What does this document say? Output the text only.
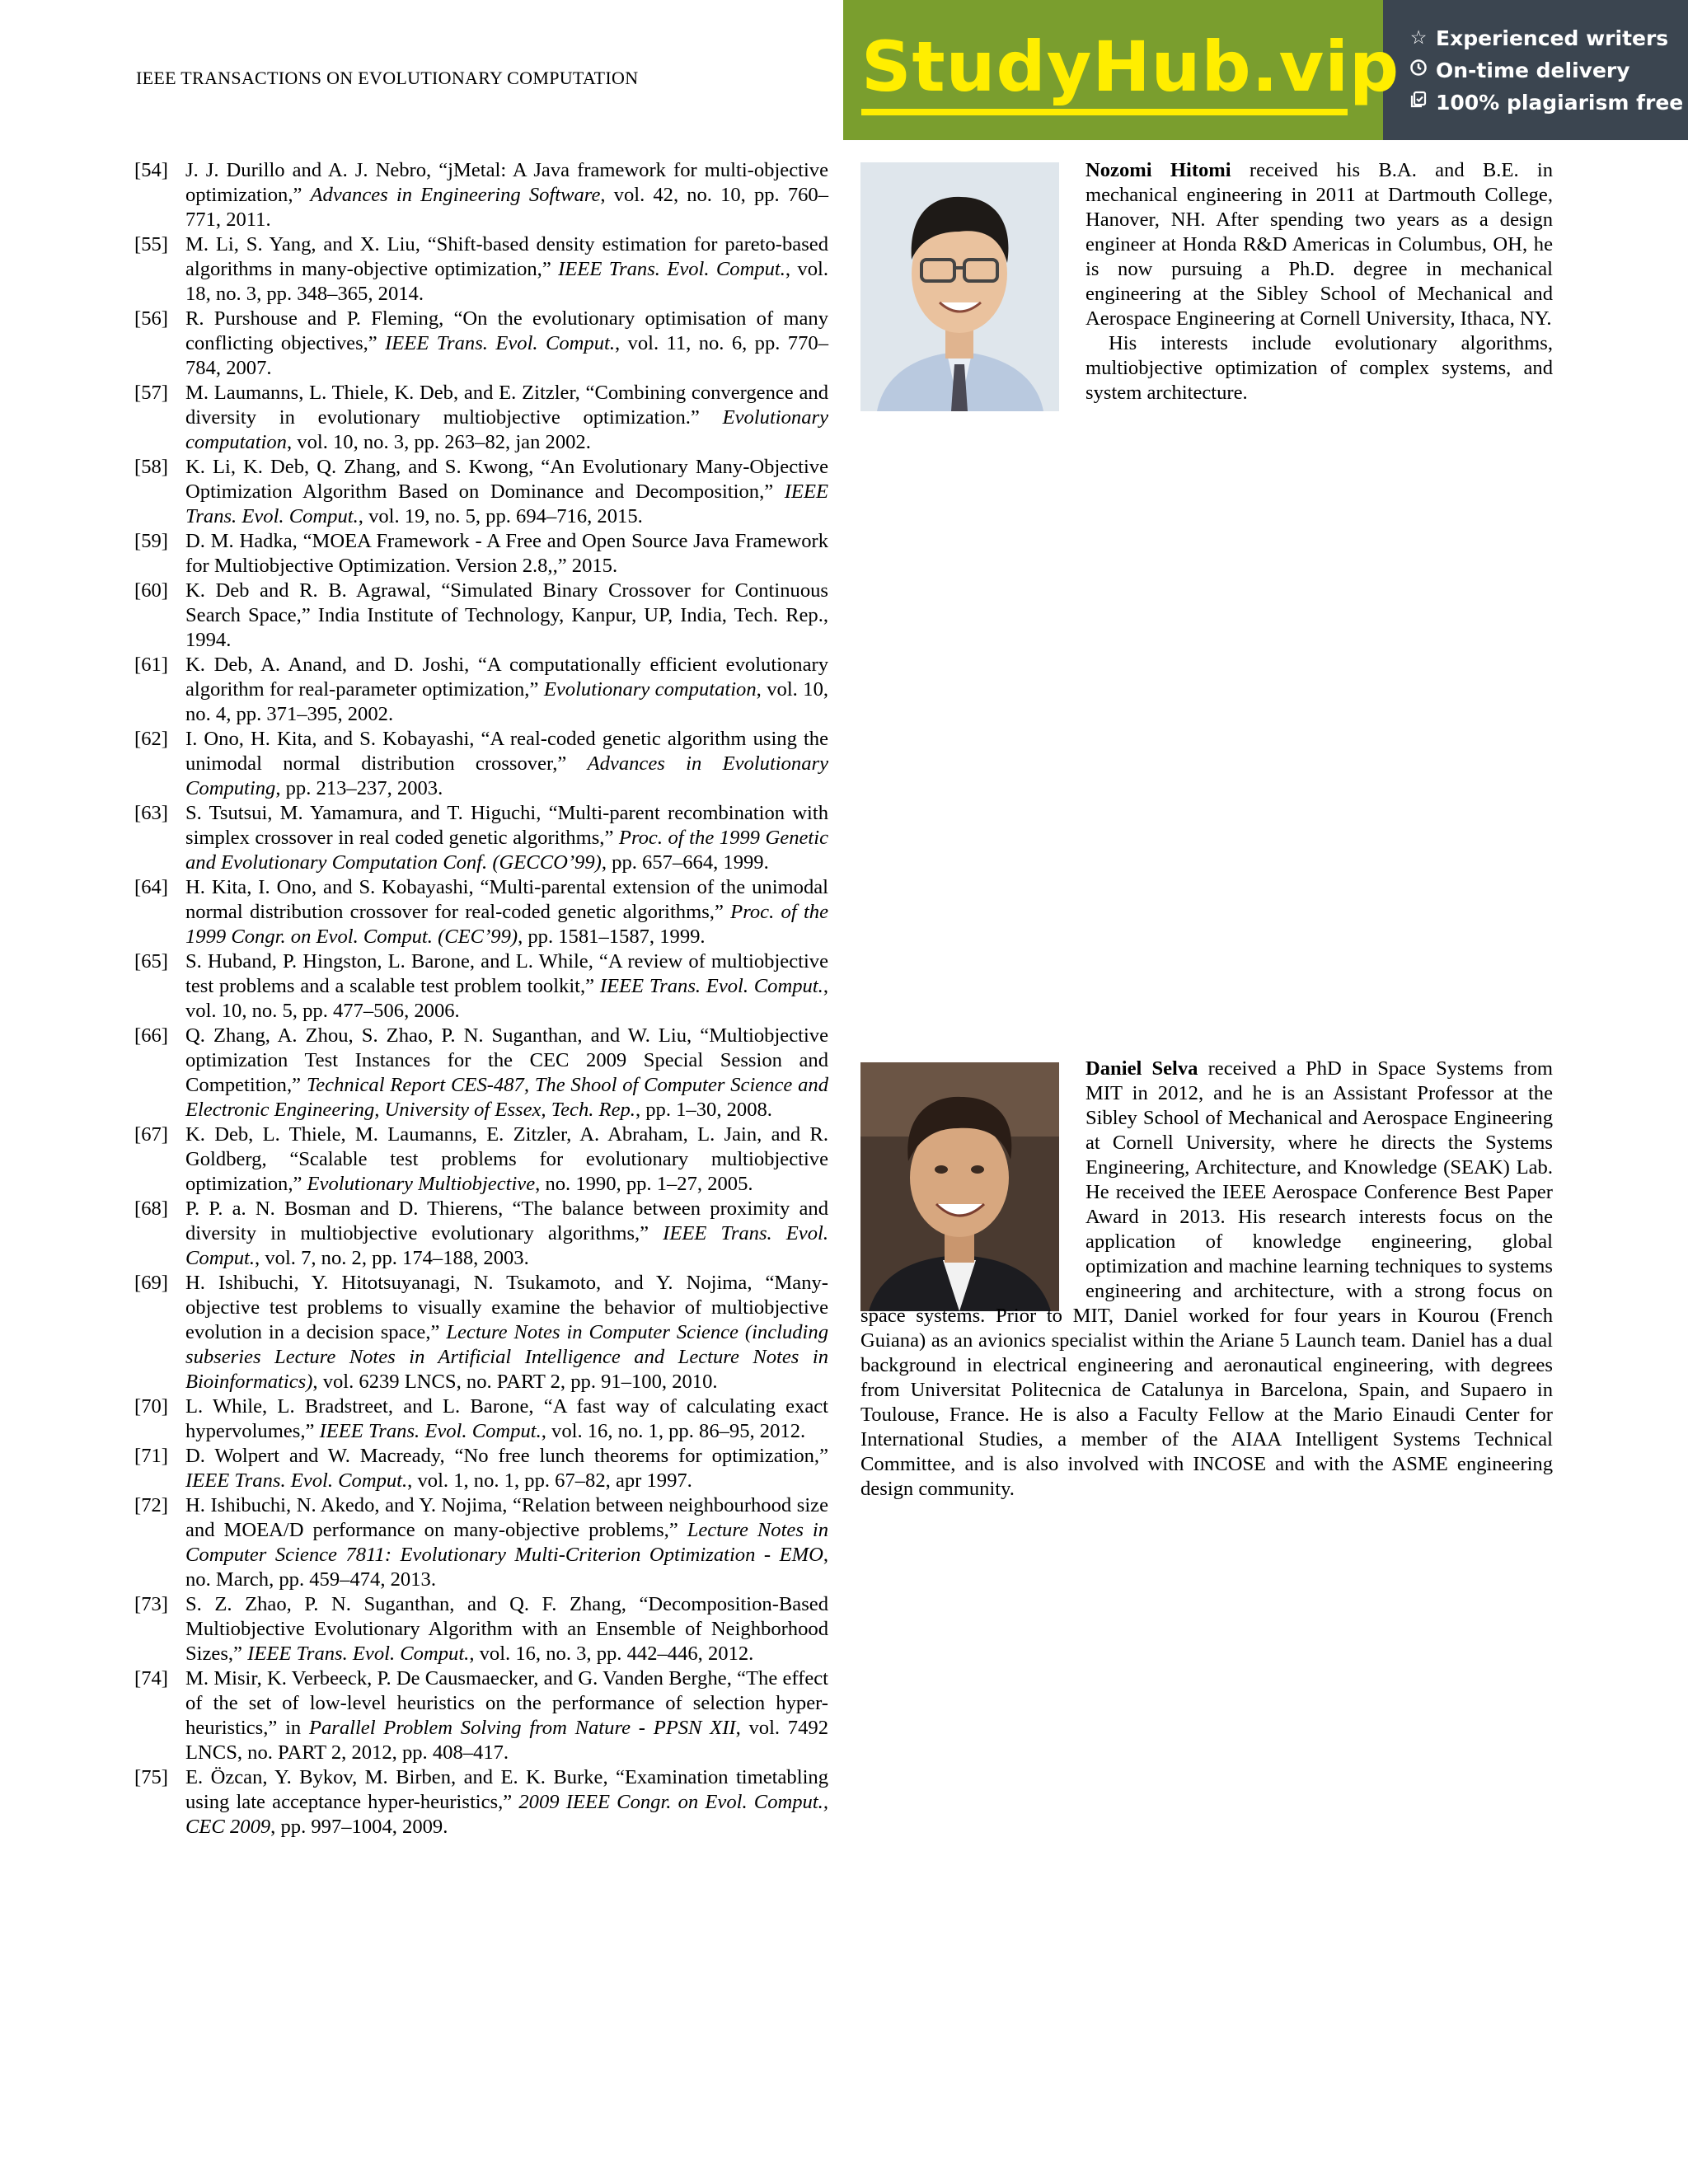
IEEE TRANSACTIONS ON EVOLUTIONARY COMPUTATION	StudyHub.vip ☆ Experienced writers
On-time delivery
100% plagiarism free
[54] J. J. Durillo and A. J. Nebro, “jMetal: A Java framework for multi-objective optimization,” Advances in Engineering Software, vol. 42, no. 10, pp. 760–771, 2011.
[55] M. Li, S. Yang, and X. Liu, “Shift-based density estimation for pareto-based algorithms in many-objective optimization,” IEEE Trans. Evol. Comput., vol. 18, no. 3, pp. 348–365, 2014.
[56] R. Purshouse and P. Fleming, “On the evolutionary optimisation of many conflicting objectives,” IEEE Trans. Evol. Comput., vol. 11, no. 6, pp. 770–784, 2007.
[57] M. Laumanns, L. Thiele, K. Deb, and E. Zitzler, “Combining convergence and diversity in evolutionary multiobjective optimization.” Evolutionary computation, vol. 10, no. 3, pp. 263–82, jan 2002.
[58] K. Li, K. Deb, Q. Zhang, and S. Kwong, “An Evolutionary Many-Objective Optimization Algorithm Based on Dominance and Decomposition,” IEEE Trans. Evol. Comput., vol. 19, no. 5, pp. 694–716, 2015.
[59] D. M. Hadka, “MOEA Framework - A Free and Open Source Java Framework for Multiobjective Optimization. Version 2.8,,” 2015.
[60] K. Deb and R. B. Agrawal, “Simulated Binary Crossover for Continuous Search Space,” India Institute of Technology, Kanpur, UP, India, Tech. Rep., 1994.
[61] K. Deb, A. Anand, and D. Joshi, “A computationally efficient evolutionary algorithm for real-parameter optimization,” Evolutionary computation, vol. 10, no. 4, pp. 371–395, 2002.
[62] I. Ono, H. Kita, and S. Kobayashi, “A real-coded genetic algorithm using the unimodal normal distribution crossover,” Advances in Evolutionary Computing, pp. 213–237, 2003.
[63] S. Tsutsui, M. Yamamura, and T. Higuchi, “Multi-parent recombination with simplex crossover in real coded genetic algorithms,” Proc. of the 1999 Genetic and Evolutionary Computation Conf. (GECCO’99), pp. 657–664, 1999.
[64] H. Kita, I. Ono, and S. Kobayashi, “Multi-parental extension of the unimodal normal distribution crossover for real-coded genetic algorithms,” Proc. of the 1999 Congr. on Evol. Comput. (CEC’99), pp. 1581–1587, 1999.
[65] S. Huband, P. Hingston, L. Barone, and L. While, “A review of multiobjective test problems and a scalable test problem toolkit,” IEEE Trans. Evol. Comput., vol. 10, no. 5, pp. 477–506, 2006.
[66] Q. Zhang, A. Zhou, S. Zhao, P. N. Suganthan, and W. Liu, “Multiobjective optimization Test Instances for the CEC 2009 Special Session and Competition,” Technical Report CES-487, The Shool of Computer Science and Electronic Engineering, University of Essex, Tech. Rep., pp. 1–30, 2008.
[67] K. Deb, L. Thiele, M. Laumanns, E. Zitzler, A. Abraham, L. Jain, and R. Goldberg, “Scalable test problems for evolutionary multiobjective optimization,” Evolutionary Multiobjective, no. 1990, pp. 1–27, 2005.
[68] P. P. a. N. Bosman and D. Thierens, “The balance between proximity and diversity in multiobjective evolutionary algorithms,” IEEE Trans. Evol. Comput., vol. 7, no. 2, pp. 174–188, 2003.
[69] H. Ishibuchi, Y. Hitotsuyanagi, N. Tsukamoto, and Y. Nojima, “Many-objective test problems to visually examine the behavior of multiobjective evolution in a decision space,” Lecture Notes in Computer Science (including subseries Lecture Notes in Artificial Intelligence and Lecture Notes in Bioinformatics), vol. 6239 LNCS, no. PART 2, pp. 91–100, 2010.
[70] L. While, L. Bradstreet, and L. Barone, “A fast way of calculating exact hypervolumes,” IEEE Trans. Evol. Comput., vol. 16, no. 1, pp. 86–95, 2012.
[71] D. Wolpert and W. Macready, “No free lunch theorems for optimization,” IEEE Trans. Evol. Comput., vol. 1, no. 1, pp. 67–82, apr 1997.
[72] H. Ishibuchi, N. Akedo, and Y. Nojima, “Relation between neighbourhood size and MOEA/D performance on many-objective problems,” Lecture Notes in Computer Science 7811: Evolutionary Multi-Criterion Optimization - EMO, no. March, pp. 459–474, 2013.
[73] S. Z. Zhao, P. N. Suganthan, and Q. F. Zhang, “Decomposition-Based Multiobjective Evolutionary Algorithm with an Ensemble of Neighborhood Sizes,” IEEE Trans. Evol. Comput., vol. 16, no. 3, pp. 442–446, 2012.
[74] M. Misir, K. Verbeeck, P. De Causmaecker, and G. Vanden Berghe, “The effect of the set of low-level heuristics on the performance of selection hyper-heuristics,” in Parallel Problem Solving from Nature - PPSN XII, vol. 7492 LNCS, no. PART 2, 2012, pp. 408–417.
[75] E. Özcan, Y. Bykov, M. Birben, and E. K. Burke, “Examination timetabling using late acceptance hyper-heuristics,” 2009 IEEE Congr. on Evol. Comput., CEC 2009, pp. 997–1004, 2009.

Nozomi Hitomi received his B.A. and B.E. in mechanical engineering in 2011 at Dartmouth College, Hanover, NH. After spending two years as a design engineer at Honda R&D Americas in Columbus, OH, he is now pursuing a Ph.D. degree in mechanical engineering at the Sibley School of Mechanical and Aerospace Engineering at Cornell University, Ithaca, NY.

His interests include evolutionary algorithms, multiobjective optimization of complex systems, and system architecture.

Daniel Selva received a PhD in Space Systems from MIT in 2012, and he is an Assistant Professor at the Sibley School of Mechanical and Aerospace Engineering at Cornell University, where he directs the Systems Engineering, Architecture, and Knowledge (SEAK) Lab. He received the IEEE Aerospace Conference Best Paper Award in 2013. His research interests focus on the application of knowledge engineering, global optimization and machine learning techniques to systems engineering and architecture, with a strong focus on space systems. Prior to MIT, Daniel worked for four years in Kourou (French Guiana) as an avionics specialist within the Ariane 5 Launch team. Daniel has a dual background in electrical engineering and aeronautical engineering, with degrees from Universitat Politecnica de Catalunya in Barcelona, Spain, and Supaero in Toulouse, France. He is also a Faculty Fellow at the Mario Einaudi Center for International Studies, a member of the AIAA Intelligent Systems Technical Committee, and is also involved with INCOSE and with the ASME engineering design community.
